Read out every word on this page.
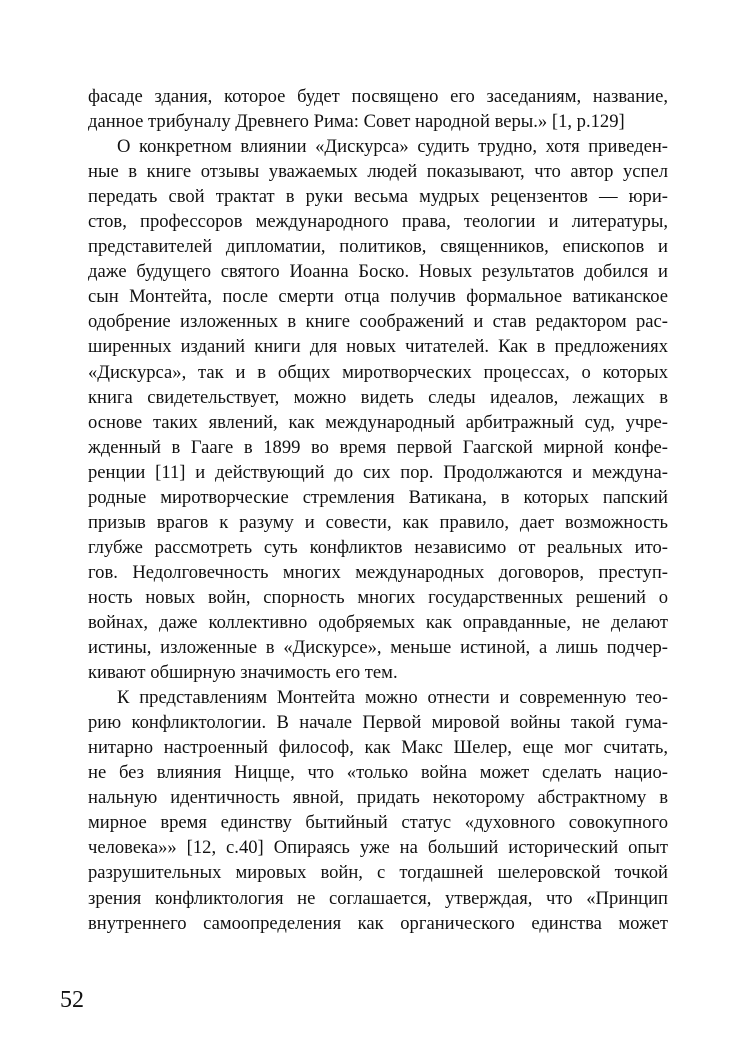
фасаде здания, которое будет посвящено его заседаниям, название,
данное трибуналу Древнего Рима: Совет народной веры.» [1, p.129]
О конкретном влиянии «Дискурса» судить трудно, хотя приведен-
ные в книге отзывы уважаемых людей показывают, что автор успел
передать свой трактат в руки весьма мудрых рецензентов — юри-
стов, профессоров международного права, теологии и литературы,
представителей дипломатии, политиков, священников, епископов и
даже будущего святого Иоанна Боско. Новых результатов добился и
сын Монтейта, после смерти отца получив формальное ватиканское
одобрение изложенных в книге соображений и став редактором рас-
ширенных изданий книги для новых читателей. Как в предложениях
«Дискурса», так и в общих миротворческих процессах, о которых
книга свидетельствует, можно видеть следы идеалов, лежащих в
основе таких явлений, как международный арбитражный суд, учре-
жденный в Гааге в 1899 во время первой Гаагской мирной конфе-
ренции [11] и действующий до сих пор. Продолжаются и междуна-
родные миротворческие стремления Ватикана, в которых папский
призыв врагов к разуму и совести, как правило, дает возможность
глубже рассмотреть суть конфликтов независимо от реальных ито-
гов. Недолговечность многих международных договоров, преступ-
ность новых войн, спорность многих государственных решений о
войнах, даже коллективно одобряемых как оправданные, не делают
истины, изложенные в «Дискурсе», меньше истиной, а лишь подчер-
кивают обширную значимость его тем.
К представлениям Монтейта можно отнести и современную тео-
рию конфликтологии. В начале Первой мировой войны такой гума-
нитарно настроенный философ, как Макс Шелер, еще мог считать,
не без влияния Ницще, что «только война может сделать нацио-
нальную идентичность явной, придать некоторому абстрактному в
мирное время единству бытийный статус «духовного совокупного
человека»» [12, c.40] Опираясь уже на больший исторический опыт
разрушительных мировых войн, с тогдашней шелеровской точкой
зрения конфликтология не соглашается, утверждая, что «Принцип
внутреннего самоопределения как органического единства может
52
